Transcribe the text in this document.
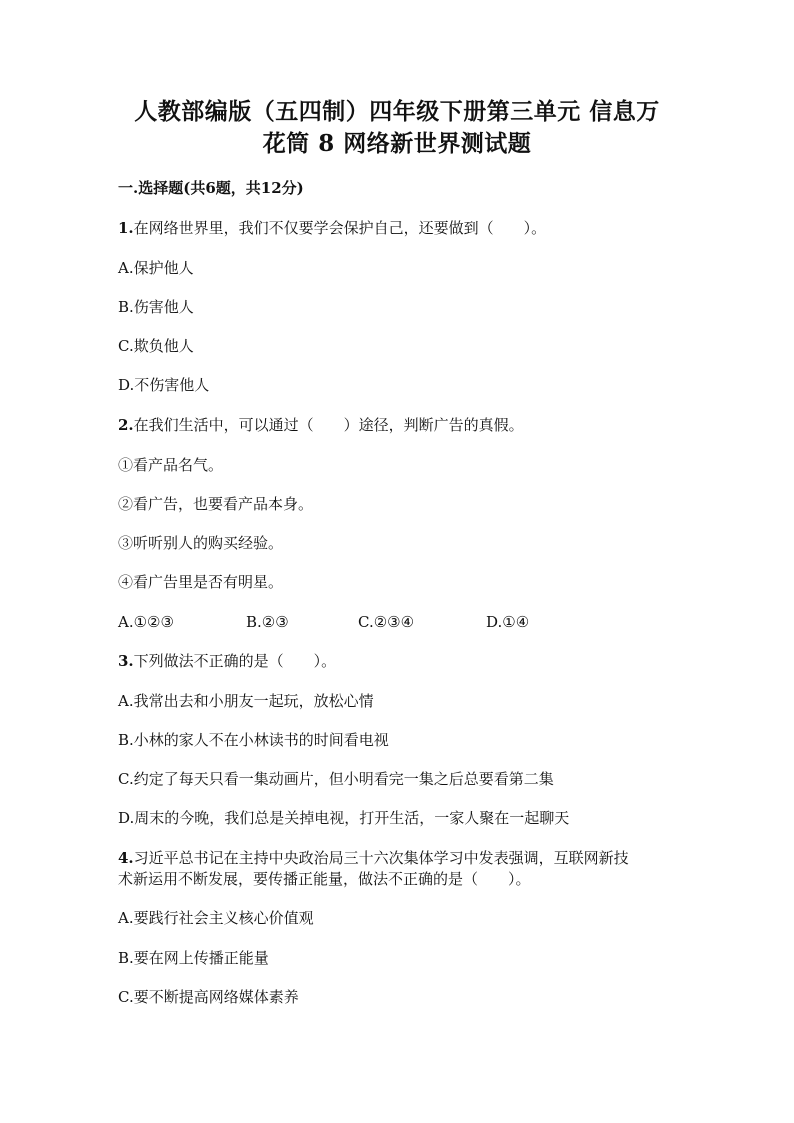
人教部编版（五四制）四年级下册第三单元 信息万
花筒 8 网络新世界测试题
一.选择题(共6题，共12分)
1.在网络世界里，我们不仅要学会保护自己，还要做到（　　）。
A.保护他人
B.伤害他人
C.欺负他人
D.不伤害他人
2.在我们生活中，可以通过（　　）途径，判断广告的真假。
①看产品名气。
②看广告，也要看产品本身。
③听听别人的购买经验。
④看广告里是否有明星。
A.①②③	B.②③	C.②③④	D.①④
3.下列做法不正确的是（　　）。
A.我常出去和小朋友一起玩，放松心情
B.小林的家人不在小林读书的时间看电视
C.约定了每天只看一集动画片，但小明看完一集之后总要看第二集
D.周末的今晚，我们总是关掉电视，打开生活，一家人聚在一起聊天
4.习近平总书记在主持中央政治局三十六次集体学习中发表强调，互联网新技
术新运用不断发展，要传播正能量，做法不正确的是（　　）。
A.要践行社会主义核心价值观
B.要在网上传播正能量
C.要不断提高网络媒体素养
